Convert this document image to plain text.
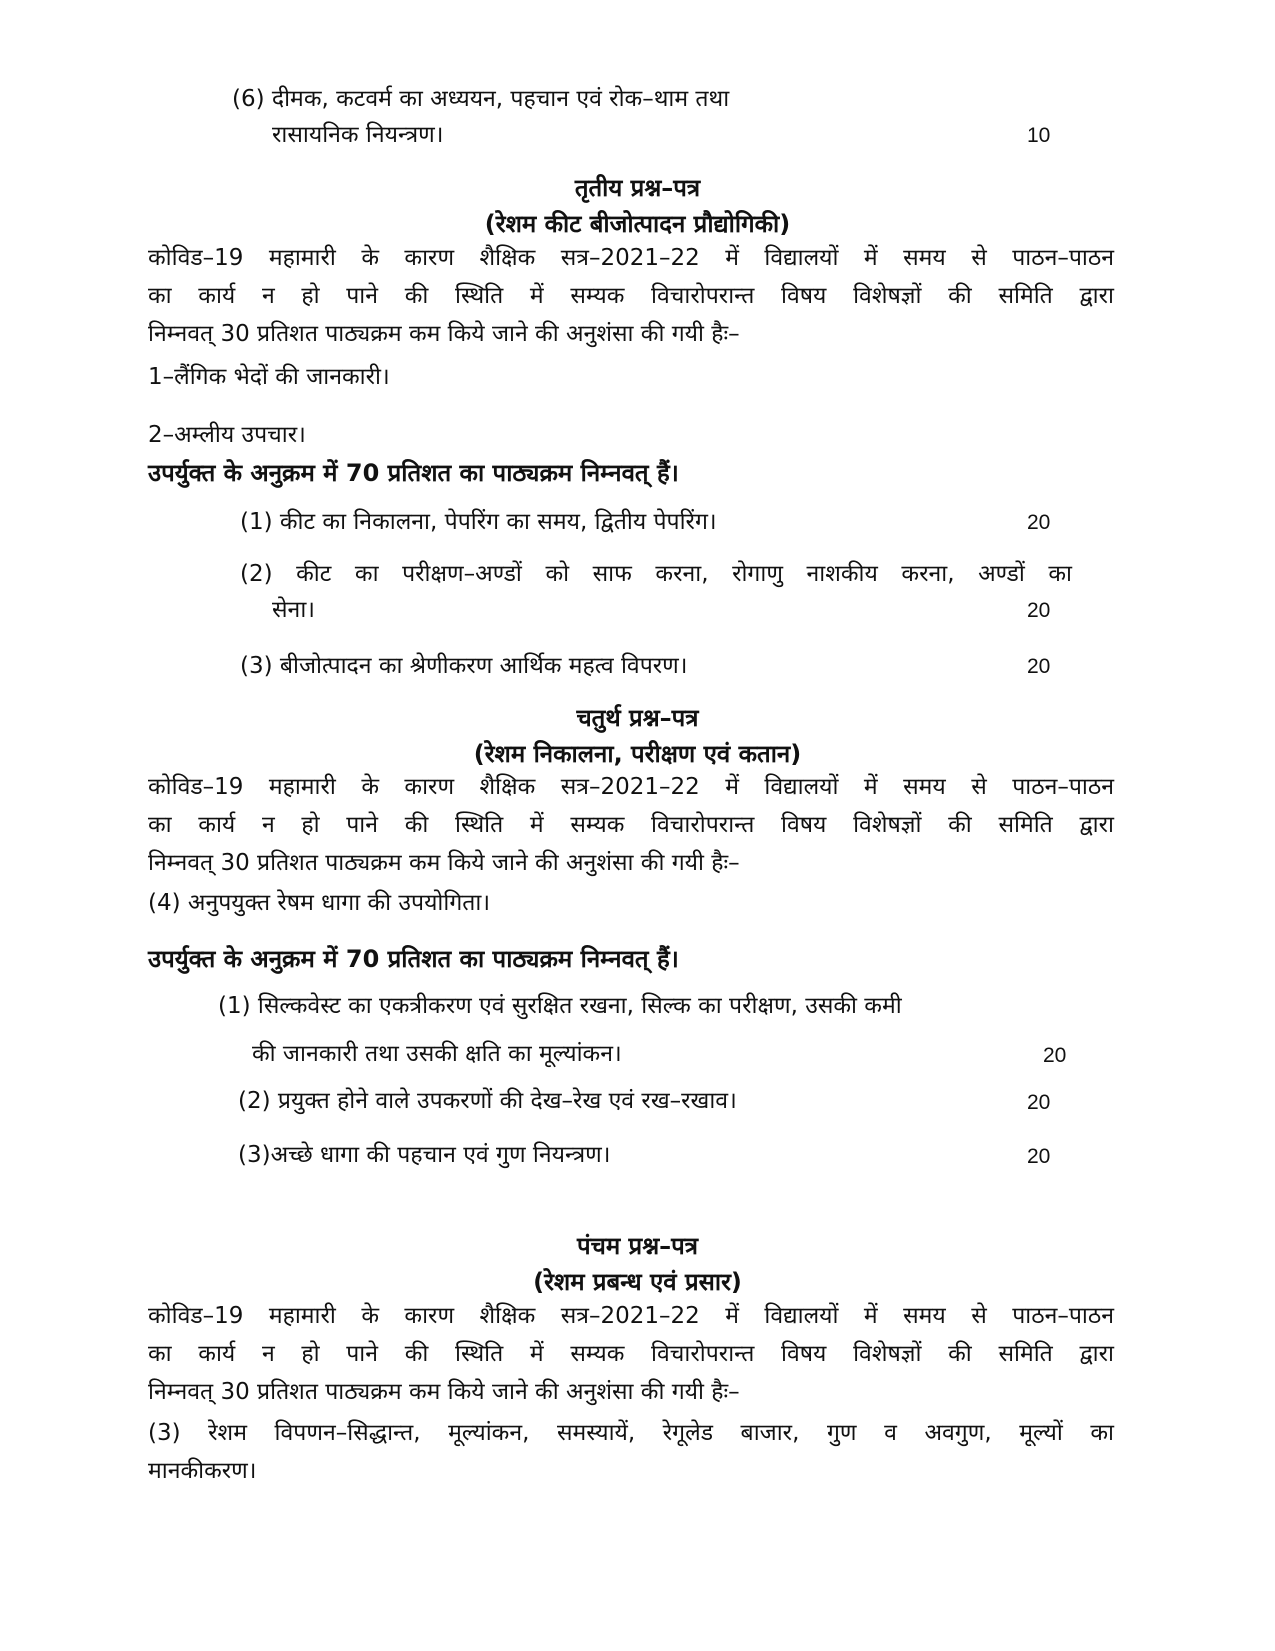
(6) दीमक, कटवर्म का अध्ययन, पहचान एवं रोक–थाम तथा
रासायनिक नियन्त्रण।	10
तृतीय प्रश्न–पत्र
(रेशम कीट बीजोत्पादन प्रौद्योगिकी)
कोविड–19 महामारी के कारण शैक्षिक सत्र–2021–22 में विद्यालयों में समय से पाठन–पाठन
का कार्य न हो पाने की स्थिति में सम्यक विचारोपरान्त विषय विशेषज्ञों की समिति द्वारा
निम्नवत् 30 प्रतिशत पाठ्यक्रम कम किये जाने की अनुशंसा की गयी हैः–
1–लैंगिक भेदों की जानकारी।
2–अम्लीय उपचार।
उपर्युक्त के अनुक्रम में 70 प्रतिशत का पाठ्यक्रम निम्नवत् हैं।
(1) कीट का निकालना, पेपरिंग का समय, द्वितीय पेपरिंग।	20
(2) कीट का परीक्षण–अण्डों को साफ करना, रोगाणु नाशकीय करना, अण्डों का
सेना।	20
(3) बीजोत्पादन का श्रेणीकरण आर्थिक महत्व विपरण।	20
चतुर्थ प्रश्न–पत्र
(रेशम निकालना, परीक्षण एवं कतान)
कोविड–19 महामारी के कारण शैक्षिक सत्र–2021–22 में विद्यालयों में समय से पाठन–पाठन
का कार्य न हो पाने की स्थिति में सम्यक विचारोपरान्त विषय विशेषज्ञों की समिति द्वारा
निम्नवत् 30 प्रतिशत पाठ्यक्रम कम किये जाने की अनुशंसा की गयी हैः–
(4) अनुपयुक्त रेषम धागा की उपयोगिता।
उपर्युक्त के अनुक्रम में 70 प्रतिशत का पाठ्यक्रम निम्नवत् हैं।
(1) सिल्कवेस्ट का एकत्रीकरण एवं सुरक्षित रखना, सिल्क का परीक्षण, उसकी कमी
की जानकारी तथा उसकी क्षति का मूल्यांकन।	20
(2) प्रयुक्त होने वाले उपकरणों की देख–रेख एवं रख–रखाव।	20
(3)अच्छे धागा की पहचान एवं गुण नियन्त्रण।	20
पंचम प्रश्न–पत्र
(रेशम प्रबन्ध एवं प्रसार)
कोविड–19 महामारी के कारण शैक्षिक सत्र–2021–22 में विद्यालयों में समय से पाठन–पाठन
का कार्य न हो पाने की स्थिति में सम्यक विचारोपरान्त विषय विशेषज्ञों की समिति द्वारा
निम्नवत् 30 प्रतिशत पाठ्यक्रम कम किये जाने की अनुशंसा की गयी हैः–
(3) रेशम विपणन–सिद्धान्त, मूल्यांकन, समस्यायें, रेगूलेड बाजार, गुण व अवगुण, मूल्यों का
मानकीकरण।
